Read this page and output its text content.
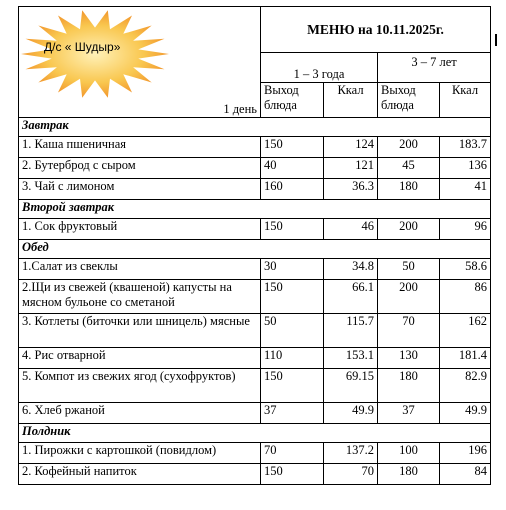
	МЕНЮ на 10.11.2025г.			
	1 – 3 года		3 – 7 лет	
1 день	Выход блюда	Ккал	Выход блюда	Ккал
Завтрак				
1. Каша пшеничная	150	124	200	183.7
2. Бутерброд с сыром	40	121	45	136
3. Чай с лимоном	160	36.3	180	41
Второй завтрак				
1. Сок фруктовый	150	46	200	96
Обед				
1.Салат из свеклы	30	34.8	50	58.6
2.Щи из свежей (квашеной) капусты на мясном бульоне со сметаной	150	66.1	200	86
3. Котлеты (биточки или шницель) мясные	50	115.7	70	162
4. Рис отварной	110	153.1	130	181.4
5. Компот из свежих ягод (сухофруктов)	150	69.15	180	82.9
6. Хлеб ржаной	37	49.9	37	49.9
Полдник				
1. Пирожки с картошкой (повидлом)	70	137.2	100	196
2. Кофейный напиток	150	70	180	84
Д/с « Шудыр»
